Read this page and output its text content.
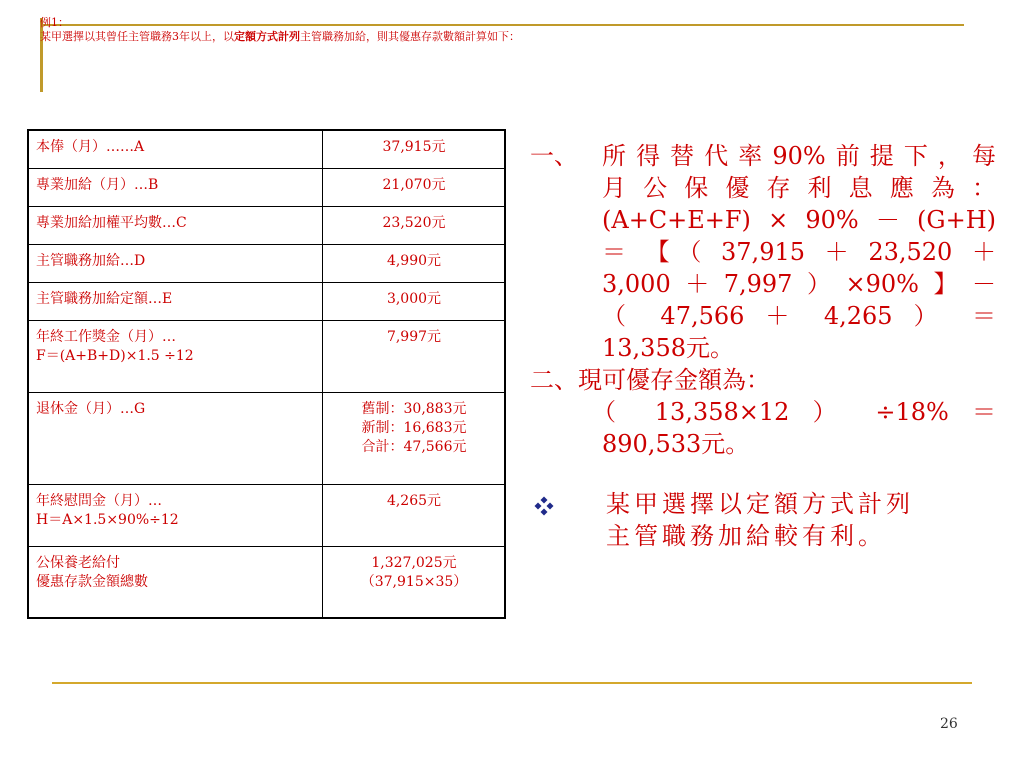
例1：
某甲選擇以其曾任主管職務3年以上，以定額方式計列主管職務加給，則其優惠存款數額計算如下：
本俸（月）……A	37,915元

專業加給（月）…B	21,070元

專業加給加權平均數…C	23,520元

主管職務加給…D	4,990元

主管職務加給定額…E	3,000元

年終工作獎金（月）…
F＝(A+B+D)×1.5 ÷12	7,997元

退休金（月）…G	舊制：30,883元
新制：16,683元
合計：47,566元

年終慰問金（月）…
H＝A×1.5×90%÷12	4,265元

公保養老給付
優惠存款金額總數	1,327,025元
（37,915×35）
一、 所得替代率90%前提下，每
月公保優存利息應為：
(A+C+E+F) × 90% － (G+H)
＝【（37,915＋23,520＋
3,000＋7,997）×90%】－
（ 47,566 ＋ 4,265 ） ＝
13,358元。
二、現可優存金額為：
（ 13,358×12 ） ÷18% ＝
890,533元。
某甲選擇以定額方式計列
主管職務加給較有利。
26
